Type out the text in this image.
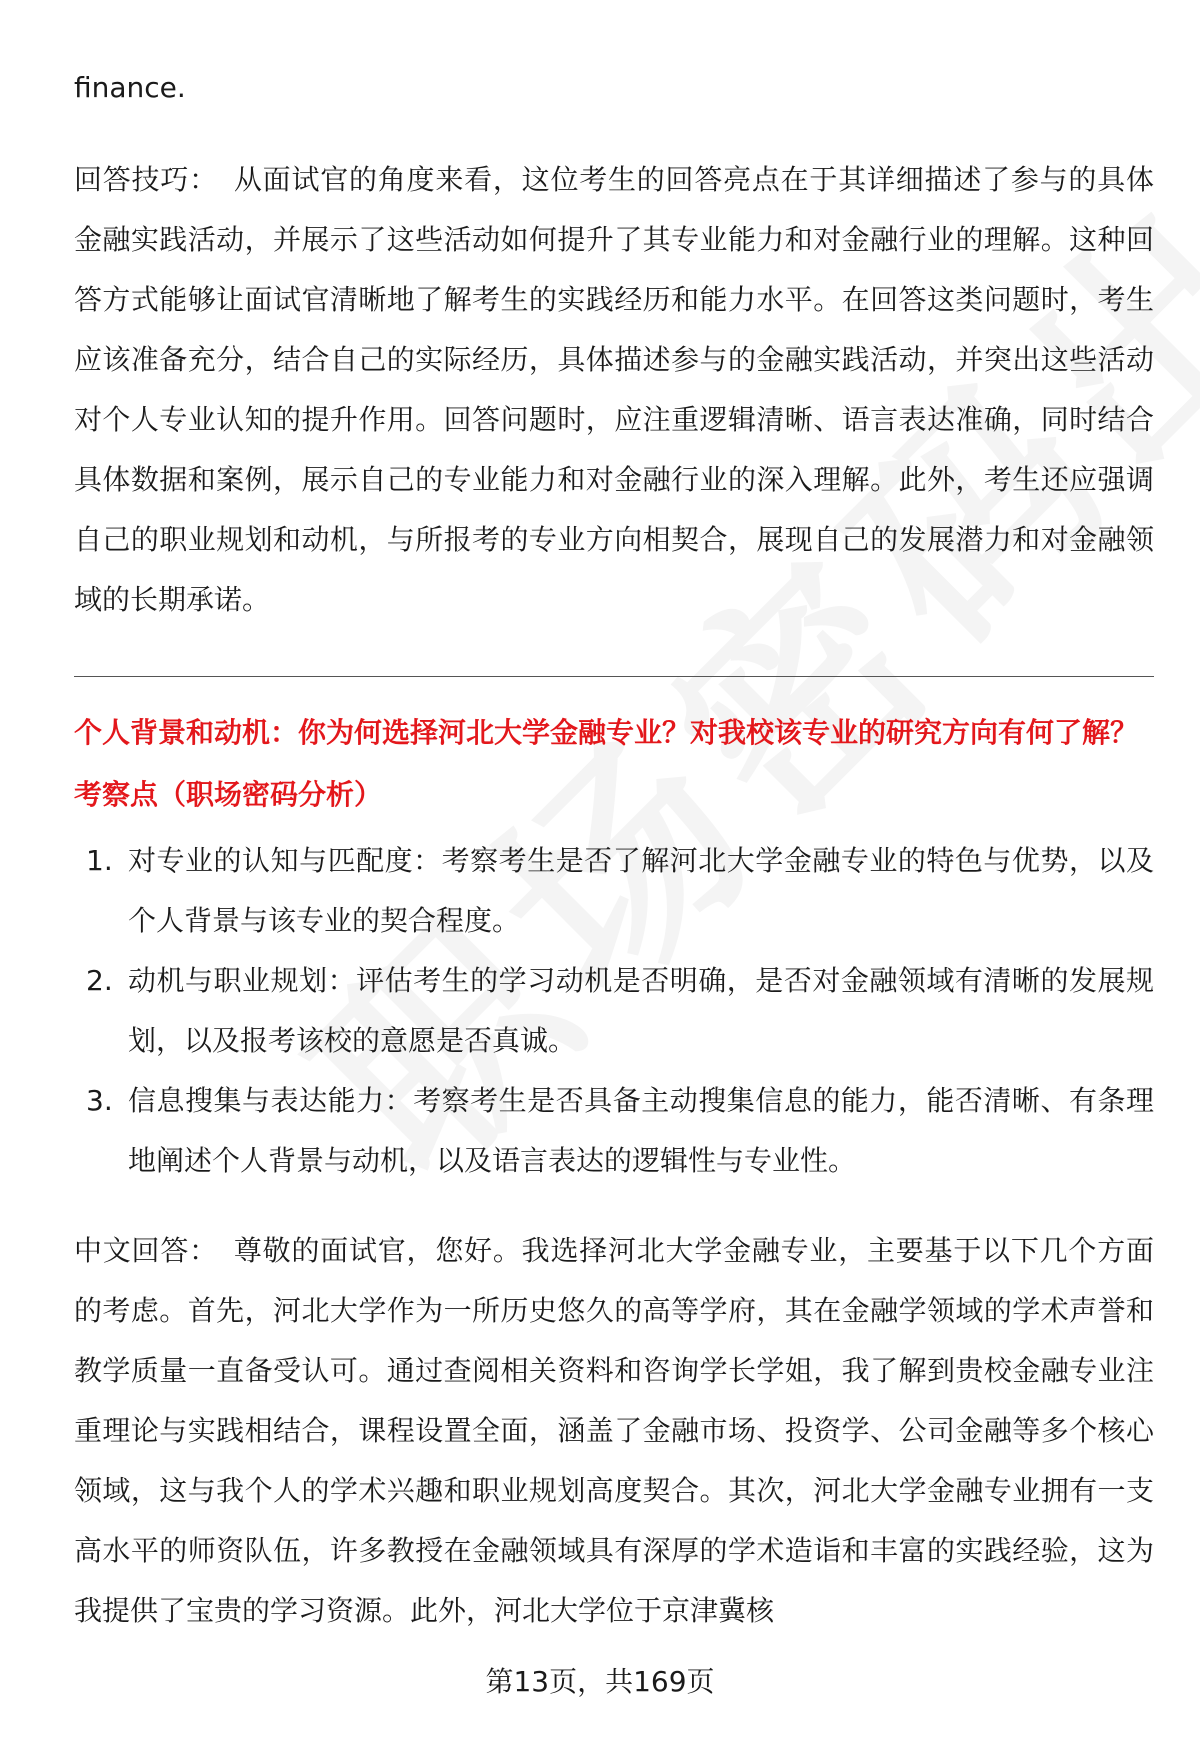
finance.

回答技巧： 从面试官的角度来看，这位考生的回答亮点在于其详细描述了参与的具体金融实践活动，并展示了这些活动如何提升了其专业能力和对金融行业的理解。这种回答方式能够让面试官清晰地了解考生的实践经历和能力水平。在回答这类问题时，考生应该准备充分，结合自己的实际经历，具体描述参与的金融实践活动，并突出这些活动对个人专业认知的提升作用。回答问题时，应注重逻辑清晰、语言表达准确，同时结合具体数据和案例，展示自己的专业能力和对金融行业的深入理解。此外，考生还应强调自己的职业规划和动机，与所报考的专业方向相契合，展现自己的发展潜力和对金融领域的长期承诺。

个人背景和动机：你为何选择河北大学金融专业？对我校该专业的研究方向有何了解？

考察点（职场密码分析）

1. 对专业的认知与匹配度：考察考生是否了解河北大学金融专业的特色与优势，以及个人背景与该专业的契合程度。
2. 动机与职业规划：评估考生的学习动机是否明确，是否对金融领域有清晰的发展规划，以及报考该校的意愿是否真诚。
3. 信息搜集与表达能力：考察考生是否具备主动搜集信息的能力，能否清晰、有条理地阐述个人背景与动机，以及语言表达的逻辑性与专业性。

中文回答： 尊敬的面试官，您好。我选择河北大学金融专业，主要基于以下几个方面的考虑。首先，河北大学作为一所历史悠久的高等学府，其在金融学领域的学术声誉和教学质量一直备受认可。通过查阅相关资料和咨询学长学姐，我了解到贵校金融专业注重理论与实践相结合，课程设置全面，涵盖了金融市场、投资学、公司金融等多个核心领域，这与我个人的学术兴趣和职业规划高度契合。其次，河北大学金融专业拥有一支高水平的师资队伍，许多教授在金融领域具有深厚的学术造诣和丰富的实践经验，这为我提供了宝贵的学习资源。此外，河北大学位于京津冀核

第13页，共169页
